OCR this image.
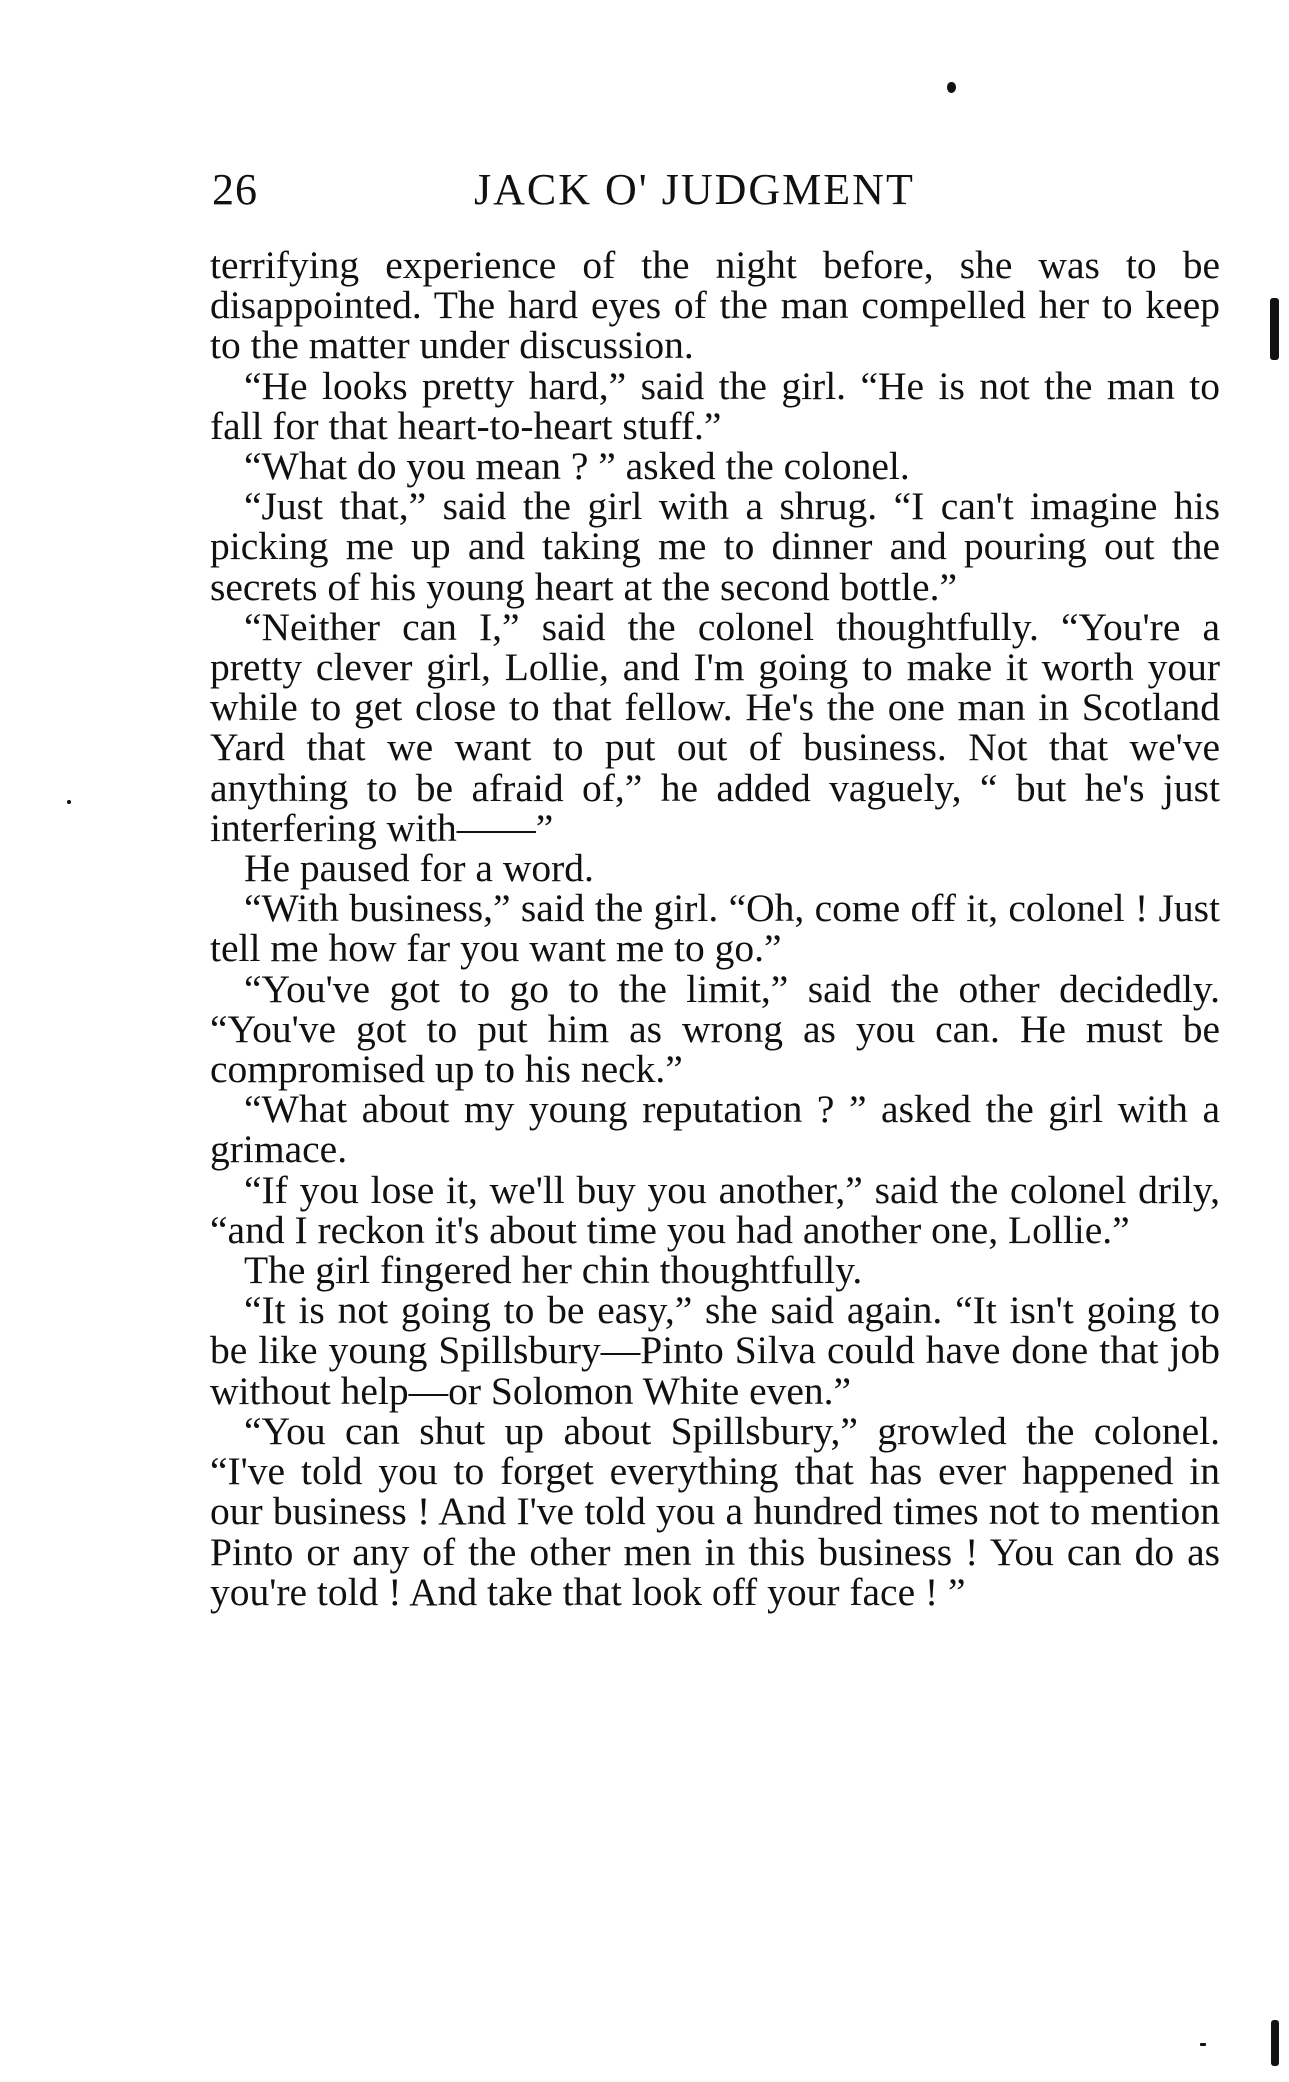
26	JACK O' JUDGMENT

terrifying experience of the night before, she was to be disappointed. The hard eyes of the man compelled her to keep to the matter under discussion.

“He looks pretty hard,” said the girl. “He is not the man to fall for that heart-to-heart stuff.”

“What do you mean ? ” asked the colonel.

“Just that,” said the girl with a shrug. “I can't imagine his picking me up and taking me to dinner and pouring out the secrets of his young heart at the second bottle.”

“Neither can I,” said the colonel thoughtfully. “You're a pretty clever girl, Lollie, and I'm going to make it worth your while to get close to that fellow. He's the one man in Scotland Yard that we want to put out of business. Not that we've anything to be afraid of,” he added vaguely, “ but he's just interfering with——”

He paused for a word.

“With business,” said the girl. “Oh, come off it, colonel ! Just tell me how far you want me to go.”

“You've got to go to the limit,” said the other decidedly. “You've got to put him as wrong as you can. He must be compromised up to his neck.”

“What about my young reputation ? ” asked the girl with a grimace.

“If you lose it, we'll buy you another,” said the colonel drily, “and I reckon it's about time you had another one, Lollie.”

The girl fingered her chin thoughtfully.

“It is not going to be easy,” she said again. “It isn't going to be like young Spillsbury—Pinto Silva could have done that job without help—or Solomon White even.”

“You can shut up about Spillsbury,” growled the colonel. “I've told you to forget everything that has ever happened in our business ! And I've told you a hundred times not to mention Pinto or any of the other men in this business ! You can do as you're told ! And take that look off your face ! ”
